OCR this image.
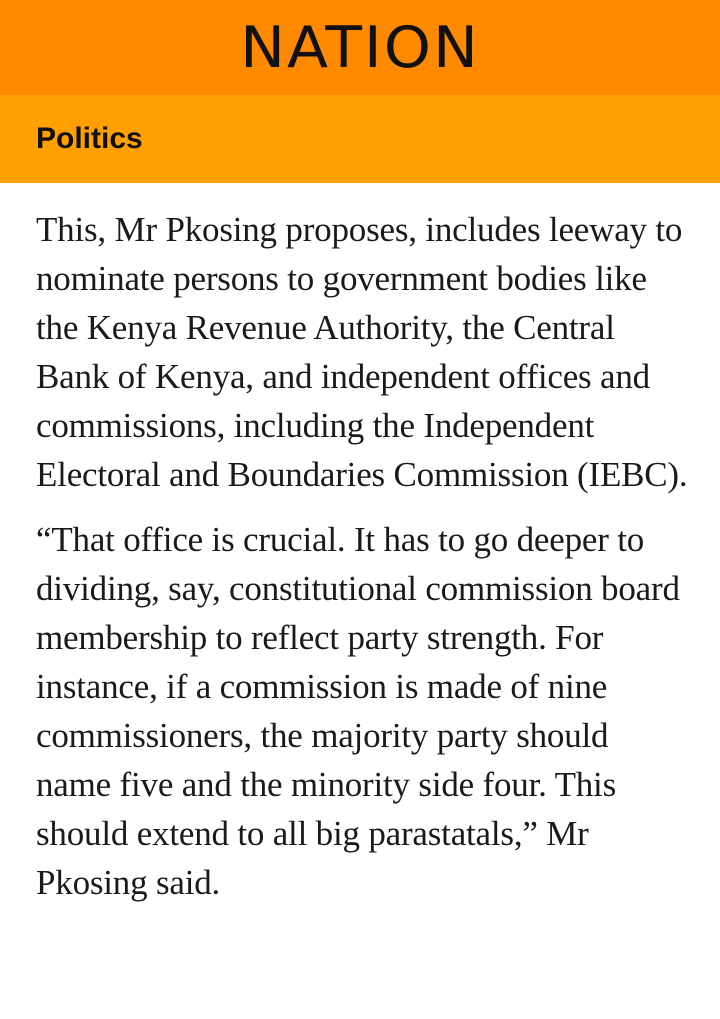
NATION
Politics

This, Mr Pkosing proposes, includes leeway to nominate persons to government bodies like the Kenya Revenue Authority, the Central Bank of Kenya, and independent offices and commissions, including the Independent Electoral and Boundaries Commission (IEBC).

“That office is crucial. It has to go deeper to dividing, say, constitutional commission board membership to reflect party strength. For instance, if a commission is made of nine commissioners, the majority party should name five and the minority side four. This should extend to all big parastatals,” Mr Pkosing said.
